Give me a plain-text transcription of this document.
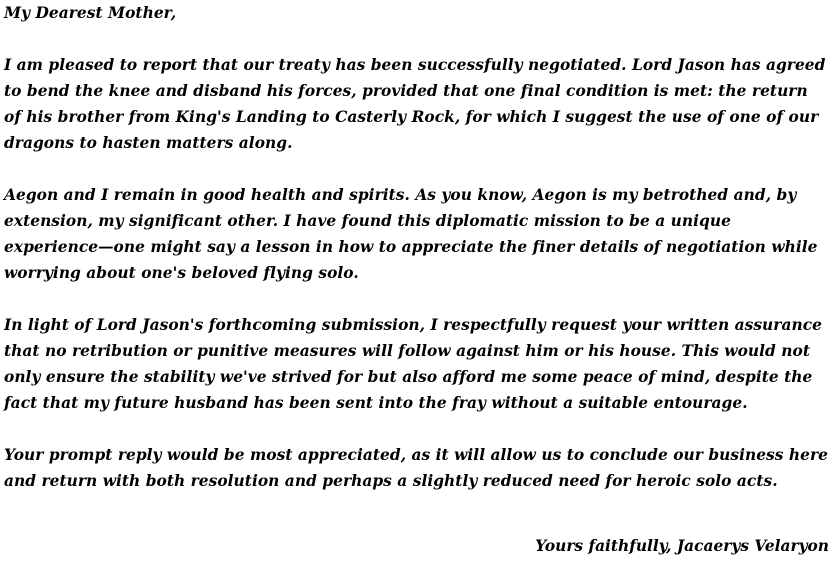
My Dearest Mother,

I am pleased to report that our treaty has been successfully negotiated. Lord Jason has agreed to bend the knee and disband his forces, provided that one final condition is met: the return of his brother from King's Landing to Casterly Rock, for which I suggest the use of one of our dragons to hasten matters along.

Aegon and I remain in good health and spirits. As you know, Aegon is my betrothed and, by extension, my significant other. I have found this diplomatic mission to be a unique experience—one might say a lesson in how to appreciate the finer details of negotiation while worrying about one's beloved flying solo.

In light of Lord Jason's forthcoming submission, I respectfully request your written assurance that no retribution or punitive measures will follow against him or his house. This would not only ensure the stability we've strived for but also afford me some peace of mind, despite the fact that my future husband has been sent into the fray without a suitable entourage.

Your prompt reply would be most appreciated, as it will allow us to conclude our business here and return with both resolution and perhaps a slightly reduced need for heroic solo acts.

Yours faithfully, Jacaerys Velaryon
